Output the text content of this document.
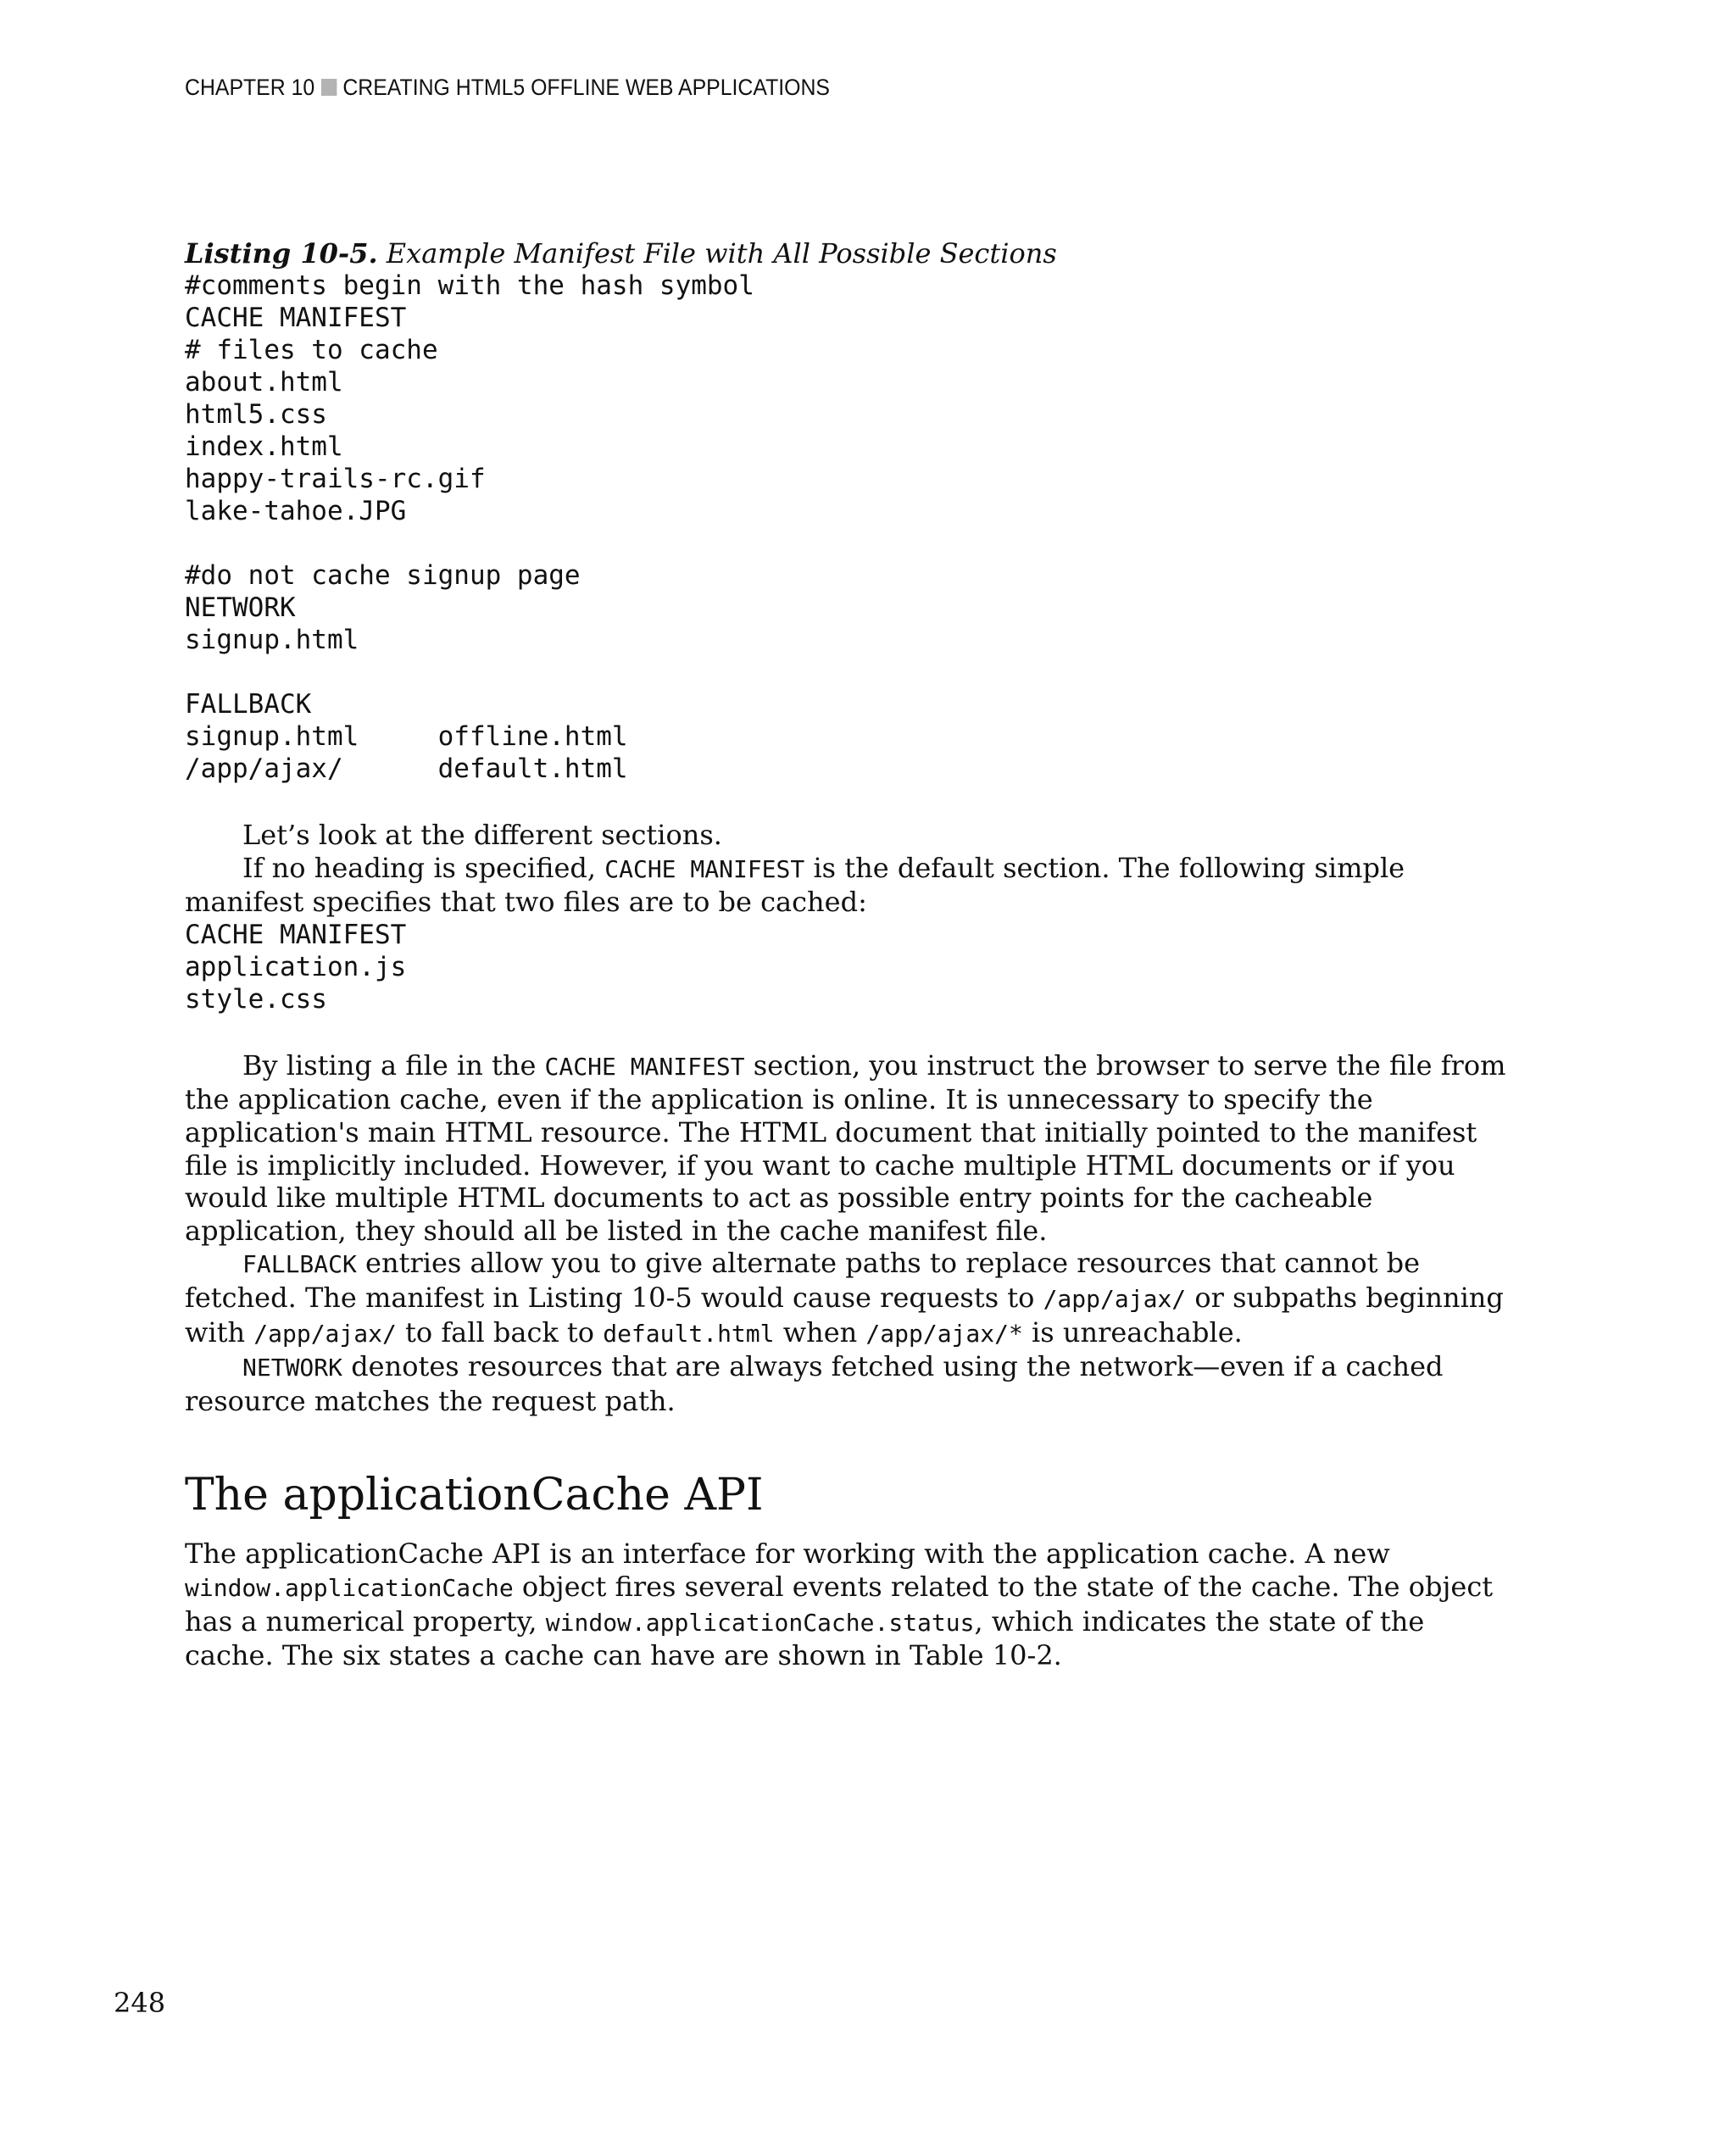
CHAPTER 10 CREATING HTML5 OFFLINE WEB APPLICATIONS

Listing 10-5. Example Manifest File with All Possible Sections

#comments begin with the hash symbol
CACHE MANIFEST
# files to cache
about.html
html5.css
index.html
happy-trails-rc.gif
lake-tahoe.JPG

#do not cache signup page
NETWORK
signup.html

FALLBACK
signup.html     offline.html
/app/ajax/      default.html

Let’s look at the different sections.

If no heading is specified, CACHE MANIFEST is the default section. The following simple manifest specifies that two files are to be cached:

CACHE MANIFEST
application.js
style.css

By listing a file in the CACHE MANIFEST section, you instruct the browser to serve the file from the application cache, even if the application is online. It is unnecessary to specify the application's main HTML resource. The HTML document that initially pointed to the manifest file is implicitly included. However, if you want to cache multiple HTML documents or if you would like multiple HTML documents to act as possible entry points for the cacheable application, they should all be listed in the cache manifest file.

FALLBACK entries allow you to give alternate paths to replace resources that cannot be fetched. The manifest in Listing 10-5 would cause requests to /app/ajax/ or subpaths beginning with /app/ajax/ to fall back to default.html when /app/ajax/* is unreachable.

NETWORK denotes resources that are always fetched using the network—even if a cached resource matches the request path.

The applicationCache API

The applicationCache API is an interface for working with the application cache. A new window.applicationCache object fires several events related to the state of the cache. The object has a numerical property, window.applicationCache.status, which indicates the state of the cache. The six states a cache can have are shown in Table 10-2.

248
